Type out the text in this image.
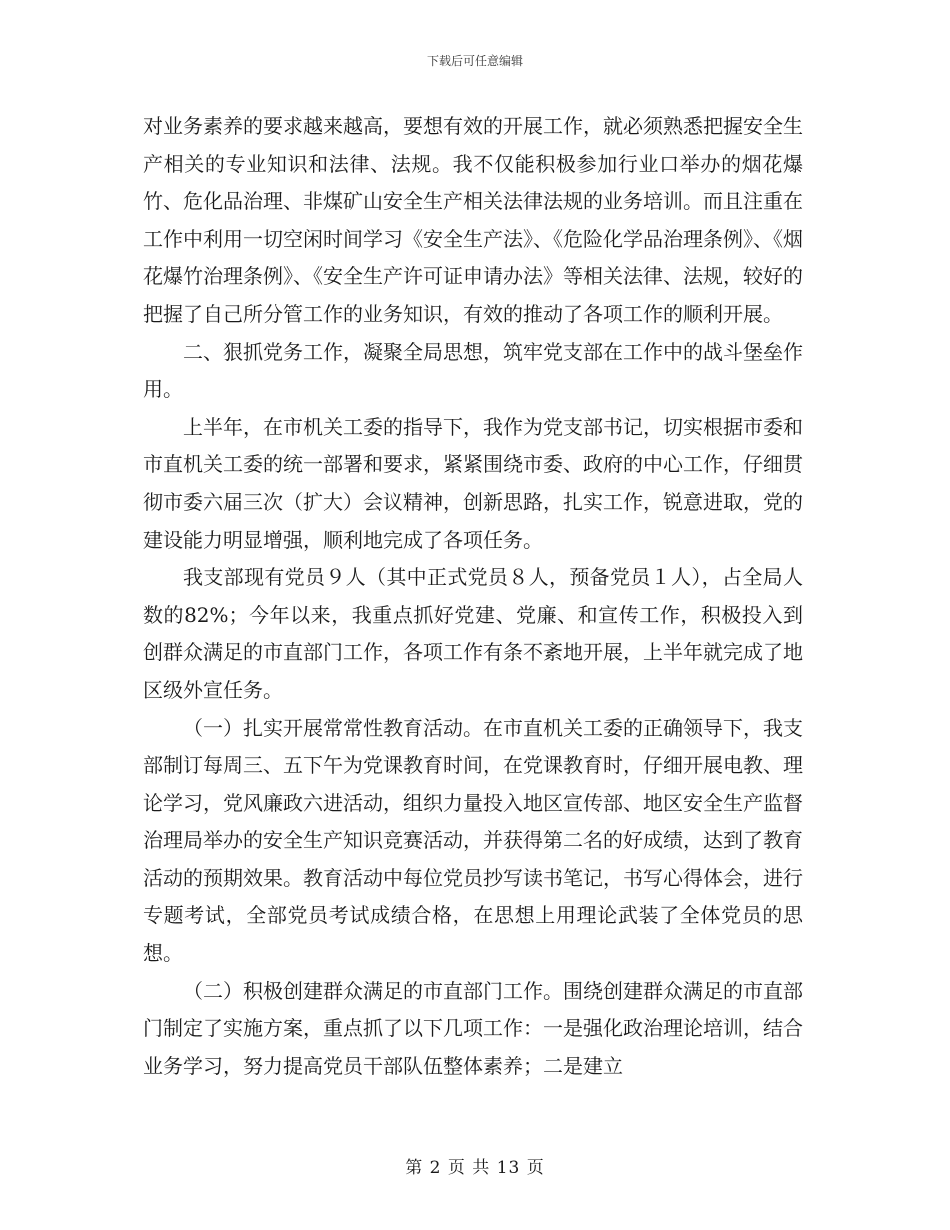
下载后可任意编辑

对业务素养的要求越来越高，要想有效的开展工作，就必须熟悉把握安全生产相关的专业知识和法律、法规。我不仅能积极参加行业口举办的烟花爆竹、危化品治理、非煤矿山安全生产相关法律法规的业务培训。而且注重在工作中利用一切空闲时间学习《安全生产法》、《危险化学品治理条例》、《烟花爆竹治理条例》、《安全生产许可证申请办法》等相关法律、法规，较好的把握了自己所分管工作的业务知识，有效的推动了各项工作的顺利开展。

二、狠抓党务工作，凝聚全局思想，筑牢党支部在工作中的战斗堡垒作用。

上半年，在市机关工委的指导下，我作为党支部书记，切实根据市委和市直机关工委的统一部署和要求，紧紧围绕市委、政府的中心工作，仔细贯彻市委六届三次（扩大）会议精神，创新思路，扎实工作，锐意进取，党的建设能力明显增强，顺利地完成了各项任务。

我支部现有党员９人（其中正式党员８人，预备党员１人），占全局人数的82%；今年以来，我重点抓好党建、党廉、和宣传工作，积极投入到创群众满足的市直部门工作，各项工作有条不紊地开展，上半年就完成了地区级外宣任务。

（一）扎实开展常常性教育活动。在市直机关工委的正确领导下，我支部制订每周三、五下午为党课教育时间，在党课教育时，仔细开展电教、理论学习，党风廉政六进活动，组织力量投入地区宣传部、地区安全生产监督治理局举办的安全生产知识竞赛活动，并获得第二名的好成绩，达到了教育活动的预期效果。教育活动中每位党员抄写读书笔记，书写心得体会，进行专题考试，全部党员考试成绩合格，在思想上用理论武装了全体党员的思想。

（二）积极创建群众满足的市直部门工作。围绕创建群众满足的市直部门制定了实施方案，重点抓了以下几项工作：一是强化政治理论培训，结合业务学习，努力提高党员干部队伍整体素养；二是建立

第 2 页 共 13 页
